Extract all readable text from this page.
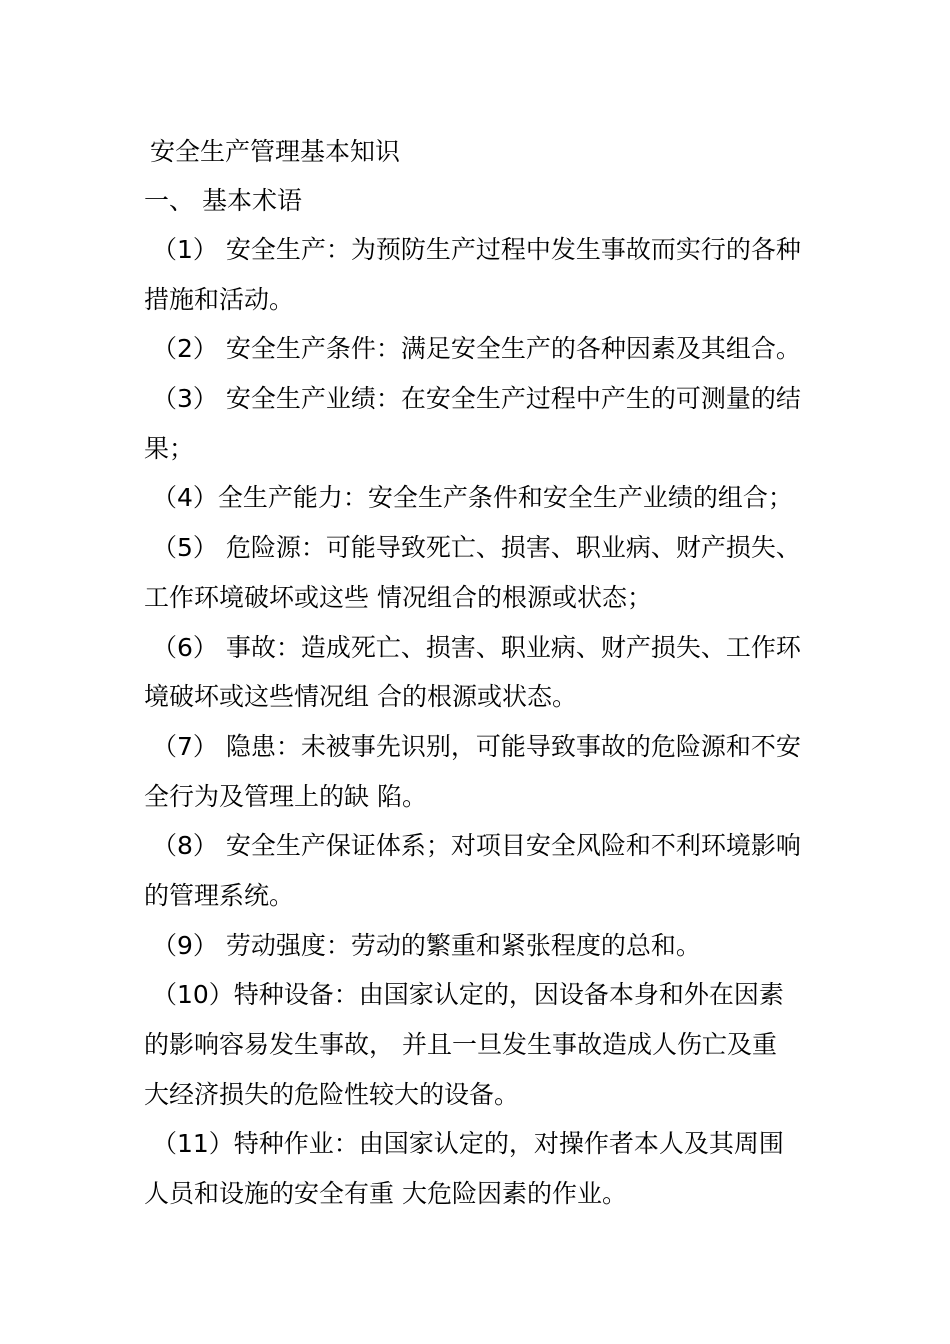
安全生产管理基本知识
一、 基本术语
（1） 安全生产：为预防生产过程中发生事故而实行的各种
措施和活动。
（2） 安全生产条件：满足安全生产的各种因素及其组合。
（3） 安全生产业绩：在安全生产过程中产生的可测量的结
果；
（4）全生产能力：安全生产条件和安全生产业绩的组合；
（5） 危险源：可能导致死亡、损害、职业病、财产损失、
工作环境破坏或这些 情况组合的根源或状态；
（6） 事故：造成死亡、损害、职业病、财产损失、工作环
境破坏或这些情况组 合的根源或状态。
（7） 隐患：未被事先识别，可能导致事故的危险源和不安
全行为及管理上的缺 陷。
（8） 安全生产保证体系；对项目安全风险和不利环境影响
的管理系统。
（9） 劳动强度：劳动的繁重和紧张程度的总和。
（10）特种设备：由国家认定的，因设备本身和外在因素
的影响容易发生事故， 并且一旦发生事故造成人伤亡及重
大经济损失的危险性较大的设备。
（11）特种作业：由国家认定的，对操作者本人及其周围
人员和设施的安全有重 大危险因素的作业。
